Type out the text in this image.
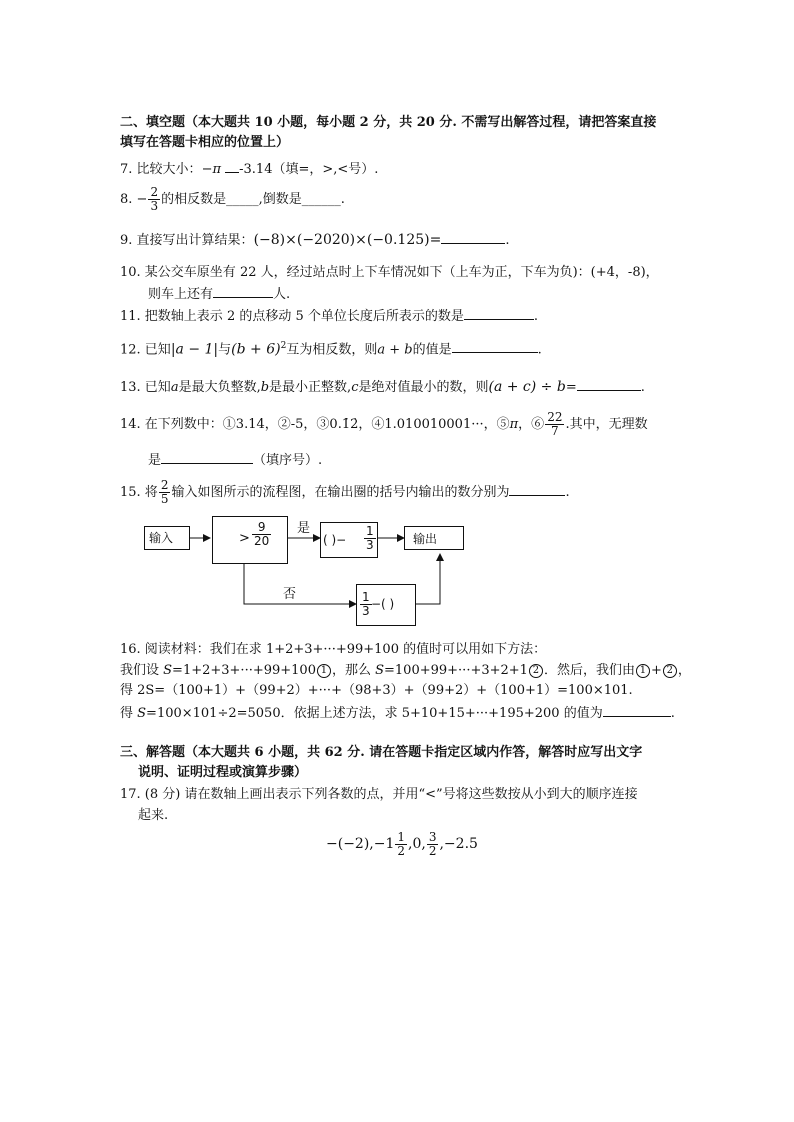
二、填空题（本大题共 10 小题，每小题 2 分，共 20 分. 不需写出解答过程，请把答案直接
填写在答题卡相应的位置上）
7. 比较大小：−π -3.14（填=，>,<号）.
8. − $\frac{2}{3}$ 的相反数是_____,倒数是______.
9. 直接写出计算结果：(−8)×(−2020)×(−0.125)=	.
10. 某公交车原坐有 22 人，经过站点时上下车情况如下（上车为正，下车为负)：(+4，-8)，
则车上还有	人.
11. 把数轴上表示 2 的点移动 5 个单位长度后所表示的数是	.
12. 已知|a − 1|与$(b + 6)^2$互为相反数，则a + b的值是	.
13. 已知a是最大负整数,b是最小正整数,c是绝对值最小的数，则(a + c) ÷ b=	.
14. 在下列数中：①3.14，②-5，③0.1̇2̇，④1.010010001···，⑤π，⑥ $\frac{22}{7}$ .其中，无理数
是	（填序号）.
15. 将 $\frac{2}{5}$ 输入如图所示的流程图，在输出圈的括号内输出的数分别为	.
输入	> $\frac{9}{20}$ 是
否
( )− $\frac{1}{3}$	输出
$\frac{1}{3}$ −( )
16. 阅读材料：我们在求 1+2+3+···+99+100 的值时可以用如下方法：
我们设 S=1+2+3+···+99+100 1 ，那么 S=100+99+···+3+2+1 2 ．然后，我们由 1 + 2 ，
得 2S=（100+1）+（99+2）+···+（98+3）+（99+2）+（100+1）=100×101.
得 S=100×101÷2=5050．依据上述方法，求 5+10+15+···+195+200 的值为	.
三、解答题（本大题共 6 小题，共 62 分. 请在答题卡指定区域内作答，解答时应写出文字
说明、证明过程或演算步骤）
17. (8 分) 请在数轴上画出表示下列各数的点，并用“<”号将这些数按从小到大的顺序连接
起来.
$-(-2),-1 \frac{1}{2} ,0$, $\frac{3}{2} ,-2.5$
